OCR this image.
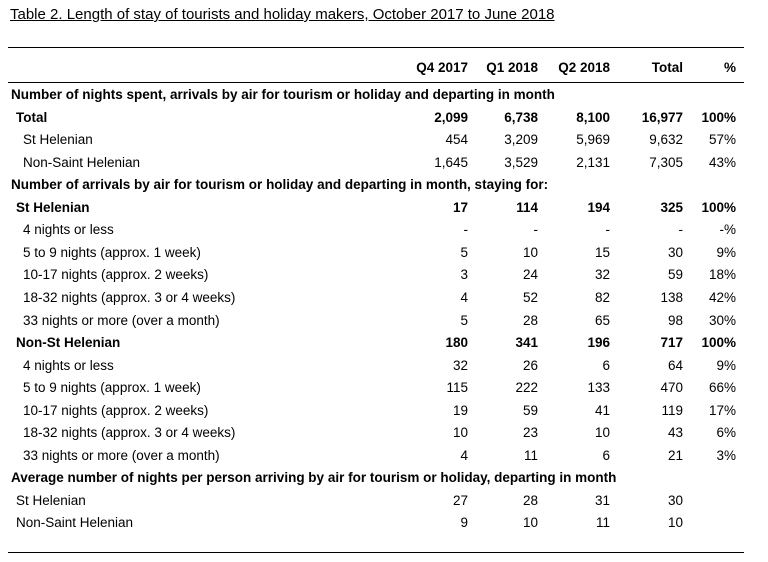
Table 2. Length of stay of tourists and holiday makers, October 2017 to June 2018
Q4 2017 Q1 2018 Q2 2018	Total	%
Number of nights spent, arrivals by air for tourism or holiday and departing in month
Total	2,099	6,738	8,100 16,977 100%
St Helenian	454	3,209	5,969	9,632 57%
Non-Saint Helenian	1,645	3,529	2,131	7,305 43%
Number of arrivals by air for tourism or holiday and departing in month, staying for:
St Helenian	17	114	194	325 100%
4 nights or less	-	-	-	-	-%
5 to 9 nights (approx. 1 week)	5	10	15	30 9%
10-17 nights (approx. 2 weeks)	3	24	32	59 18%
18-32 nights (approx. 3 or 4 weeks)	4	52	82	138 42%
33 nights or more (over a month)	5	28	65	98 30%
Non-St Helenian	180	341	196	717 100%
4 nights or less	32	26	6	64 9%
5 to 9 nights (approx. 1 week)	115	222	133	470 66%
10-17 nights (approx. 2 weeks)	19	59	41	119 17%
18-32 nights (approx. 3 or 4 weeks)	10	23	10	43 6%
33 nights or more (over a month)	4	11	6	21 3%
Average number of nights per person arriving by air for tourism or holiday, departing in month
St Helenian	27	28	31	30
Non-Saint Helenian	9	10	11	10
